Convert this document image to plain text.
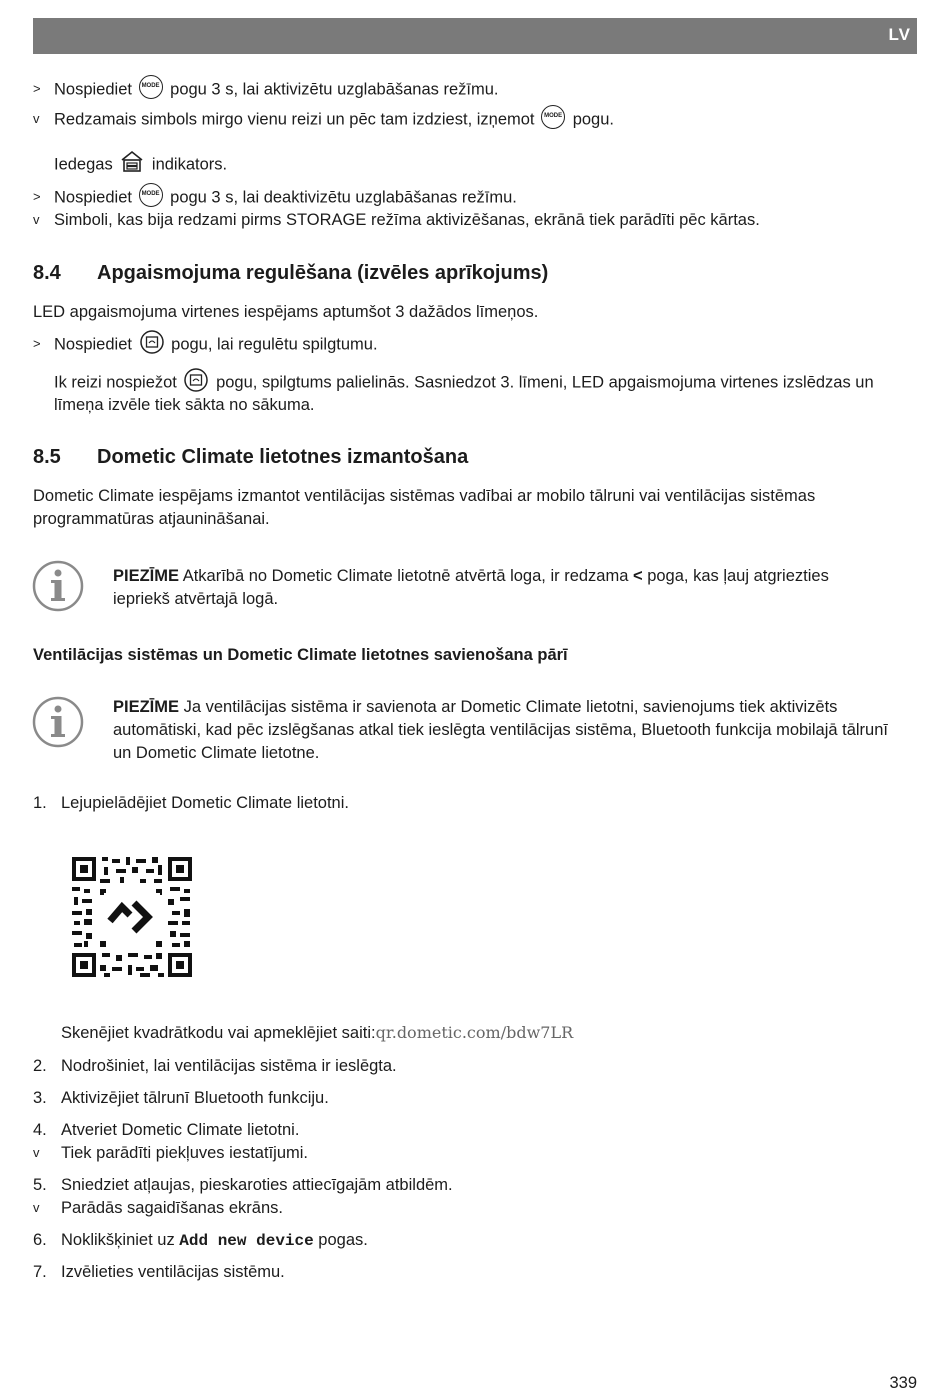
LV
> Nospiediet MODE pogu 3 s, lai aktivizētu uzglabāšanas režīmu.
v Redzamais simbols mirgo vienu reizi un pēc tam izdziest, izņemot MODE pogu.
Iedegas  indikators.
> Nospiediet MODE pogu 3 s, lai deaktivizētu uzglabāšanas režīmu.
v Simboli, kas bija redzami pirms STORAGE režīma aktivizēšanas, ekrānā tiek parādīti pēc kārtas.
8.4 Apgaismojuma regulēšana (izvēles aprīkojums)
LED apgaismojuma virtenes iespējams aptumšot 3 dažādos līmeņos.
> Nospiediet  pogu, lai regulētu spilgtumu.
Ik reizi nospiežot  pogu, spilgtums palielinās. Sasniedzot 3. līmeni, LED apgaismojuma virtenes izslēdzas un
līmeņa izvēle tiek sākta no sākuma.
8.5 Dometic Climate lietotnes izmantošana
Dometic Climate iespējams izmantot ventilācijas sistēmas vadībai ar mobilo tālruni vai ventilācijas sistēmas
programmatūras atjaunināšanai.
PIEZĪME Atkarībā no Dometic Climate lietotnē atvērtā loga, ir redzama < poga, kas ļauj atgriezties
iepriekš atvērtajā logā.
Ventilācijas sistēmas un Dometic Climate lietotnes savienošana pārī
PIEZĪME Ja ventilācijas sistēma ir savienota ar Dometic Climate lietotni, savienojums tiek aktivizēts
automātiski, kad pēc izslēgšanas atkal tiek ieslēgta ventilācijas sistēma, Bluetooth funkcija mobilajā tālrunī
un Dometic Climate lietotne.
1. Lejupielādējiet Dometic Climate lietotni.
Skenējiet kvadrātkodu vai apmeklējiet saiti:qr.dometic.com/bdw7LR
2. Nodrošiniet, lai ventilācijas sistēma ir ieslēgta.
3. Aktivizējiet tālrunī Bluetooth funkciju.
4. Atveriet Dometic Climate lietotni.
v Tiek parādīti piekļuves iestatījumi.
5. Sniedziet atļaujas, pieskaroties attiecīgajām atbildēm.
v Parādās sagaidīšanas ekrāns.
6. Noklikšķiniet uz Add new device pogas.
7. Izvēlieties ventilācijas sistēmu.
339
